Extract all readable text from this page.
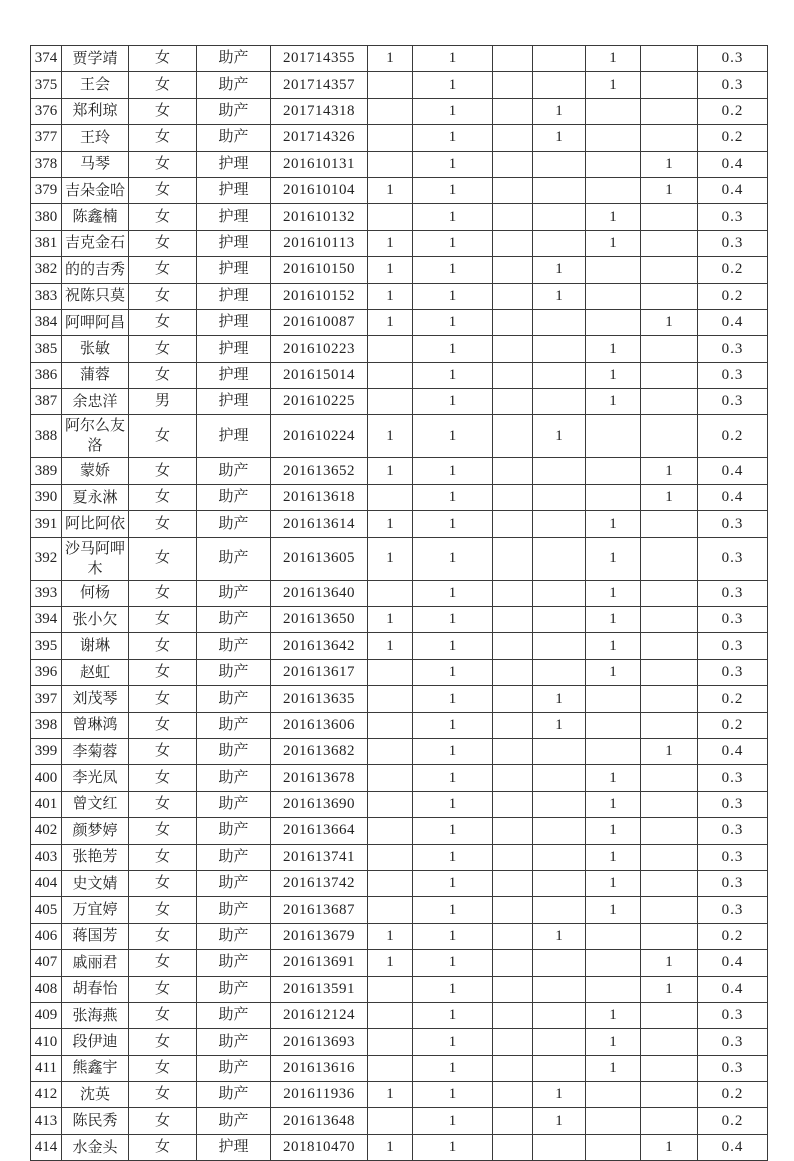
374	贾学靖	女	助产	201714355	1	1			1		0.3
375	王会	女	助产	201714357		1			1		0.3
376	郑利琼	女	助产	201714318		1		1			0.2
377	王玲	女	助产	201714326		1		1			0.2
378	马琴	女	护理	201610131		1				1	0.4
379	吉朵金哈	女	护理	201610104	1	1				1	0.4
380	陈鑫楠	女	护理	201610132		1			1		0.3
381	吉克金石	女	护理	201610113	1	1			1		0.3
382	的的吉秀	女	护理	201610150	1	1		1			0.2
383	祝陈只莫	女	护理	201610152	1	1		1			0.2
384	阿呷阿昌	女	护理	201610087	1	1				1	0.4
385	张敏	女	护理	201610223		1			1		0.3
386	蒲蓉	女	护理	201615014		1			1		0.3
387	余忠洋	男	护理	201610225		1			1		0.3
388	阿尔么友洛	女	护理	201610224	1	1		1			0.2
389	蒙娇	女	助产	201613652	1	1				1	0.4
390	夏永淋	女	助产	201613618		1				1	0.4
391	阿比阿依	女	助产	201613614	1	1			1		0.3
392	沙马阿呷木	女	助产	201613605	1	1			1		0.3
393	何杨	女	助产	201613640		1			1		0.3
394	张小欠	女	助产	201613650	1	1			1		0.3
395	谢琳	女	助产	201613642	1	1			1		0.3
396	赵虹	女	助产	201613617		1			1		0.3
397	刘茂琴	女	助产	201613635		1		1			0.2
398	曾琳鸿	女	助产	201613606		1		1			0.2
399	李菊蓉	女	助产	201613682		1				1	0.4
400	李光凤	女	助产	201613678		1			1		0.3
401	曾文红	女	助产	201613690		1			1		0.3
402	颜梦婷	女	助产	201613664		1			1		0.3
403	张艳芳	女	助产	201613741		1			1		0.3
404	史文婧	女	助产	201613742		1			1		0.3
405	万宜婷	女	助产	201613687		1			1		0.3
406	蒋国芳	女	助产	201613679	1	1		1			0.2
407	戚丽君	女	助产	201613691	1	1				1	0.4
408	胡春怡	女	助产	201613591		1				1	0.4
409	张海燕	女	助产	201612124		1			1		0.3
410	段伊迪	女	助产	201613693		1			1		0.3
411	熊鑫宇	女	助产	201613616		1			1		0.3
412	沈英	女	助产	201611936	1	1		1			0.2
413	陈民秀	女	助产	201613648		1		1			0.2
414	水金头	女	护理	201810470	1	1				1	0.4
